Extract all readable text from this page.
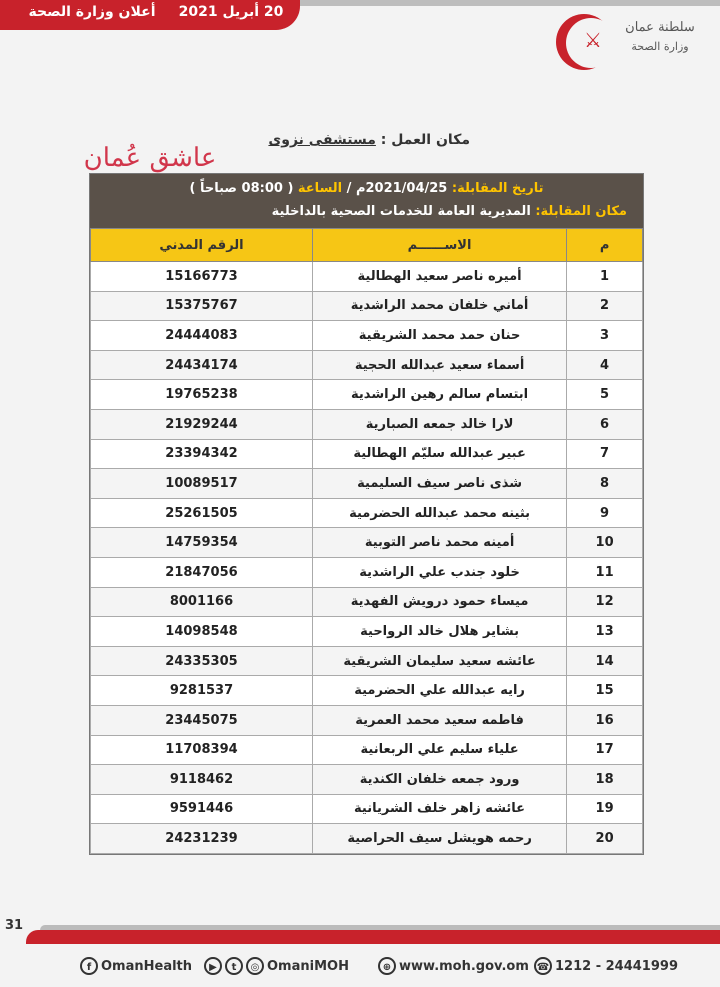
20 أبريل 2021
أعلان وزارة الصحة
⚔
سلطنة عمان
وزارة الصحة
مكان العمل : مستشفى نزوى
عاشق عُمان
تاريخ المقابلة: 2021/04/25م / الساعة ( 08:00 صباحاً )
مكان المقابلة: المديرية العامة للخدمات الصحية بالداخلية
م	الاســــــم	الرقم المدني
1	أميره ناصر سعيد الهطالية	15166773
2	أماني خلفان محمد الراشدية	15375767
3	حنان حمد محمد الشريقية	24444083
4	أسماء سعيد عبدالله الحجية	24434174
5	ابتسام سالم رهين الراشدية	19765238
6	لارا خالد جمعه الصبارية	21929244
7	عبير عبدالله سليّم الهطالية	23394342
8	شذى ناصر سيف السليمية	10089517
9	بثينه محمد عبدالله الحضرمية	25261505
10	أمينه محمد ناصر التوبية	14759354
11	خلود جندب علي الراشدية	21847056
12	ميساء حمود درويش الفهدية	8001166
13	بشاير هلال خالد الرواحية	14098548
14	عائشه سعيد سليمان الشريقية	24335305
15	رايه عبدالله علي الحضرمية	9281537
16	فاطمه سعيد محمد العمرية	23445075
17	علياء سليم علي الربعانية	11708394
18	ورود جمعه خلفان الكندية	9118462
19	عائشه زاهر خلف الشريانية	9591446
20	رحمه هويشل سيف الحراصية	24231239
31
f OmanHealth	▶	t	◎ OmaniMOH	⊕ www.moh.gov.om ☎ 1212 - 24441999
